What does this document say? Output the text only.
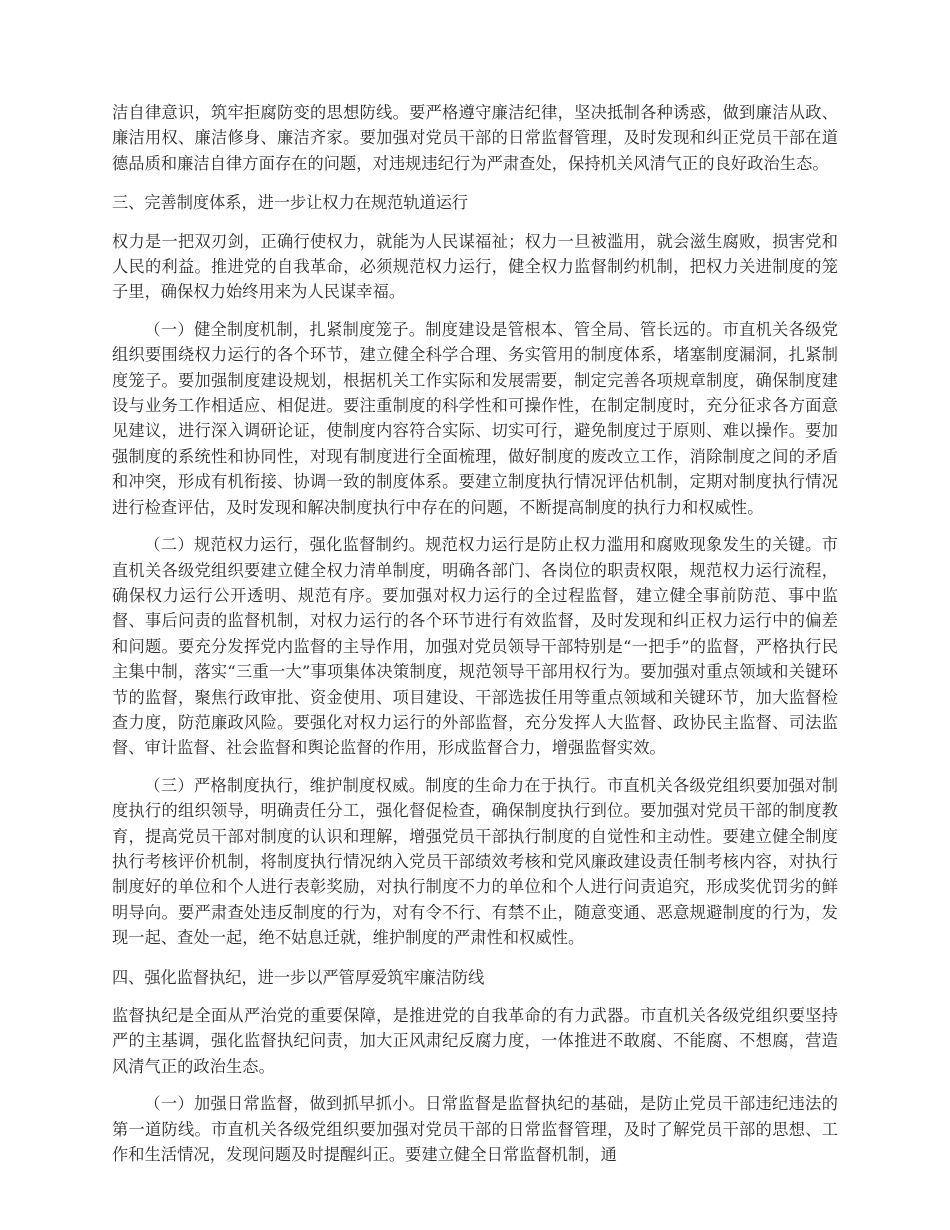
洁自律意识，筑牢拒腐防变的思想防线。要严格遵守廉洁纪律，坚决抵制各种诱惑，做到廉洁从政、廉洁用权、廉洁修身、廉洁齐家。要加强对党员干部的日常监督管理，及时发现和纠正党员干部在道德品质和廉洁自律方面存在的问题，对违规违纪行为严肃查处，保持机关风清气正的良好政治生态。

三、完善制度体系，进一步让权力在规范轨道运行

权力是一把双刃剑，正确行使权力，就能为人民谋福祉；权力一旦被滥用，就会滋生腐败，损害党和人民的利益。推进党的自我革命，必须规范权力运行，健全权力监督制约机制，把权力关进制度的笼子里，确保权力始终用来为人民谋幸福。

（一）健全制度机制，扎紧制度笼子。制度建设是管根本、管全局、管长远的。市直机关各级党组织要围绕权力运行的各个环节，建立健全科学合理、务实管用的制度体系，堵塞制度漏洞，扎紧制度笼子。要加强制度建设规划，根据机关工作实际和发展需要，制定完善各项规章制度，确保制度建设与业务工作相适应、相促进。要注重制度的科学性和可操作性，在制定制度时，充分征求各方面意见建议，进行深入调研论证，使制度内容符合实际、切实可行，避免制度过于原则、难以操作。要加强制度的系统性和协同性，对现有制度进行全面梳理，做好制度的废改立工作，消除制度之间的矛盾和冲突，形成有机衔接、协调一致的制度体系。要建立制度执行情况评估机制，定期对制度执行情况进行检查评估，及时发现和解决制度执行中存在的问题，不断提高制度的执行力和权威性。

（二）规范权力运行，强化监督制约。规范权力运行是防止权力滥用和腐败现象发生的关键。市直机关各级党组织要建立健全权力清单制度，明确各部门、各岗位的职责权限，规范权力运行流程，确保权力运行公开透明、规范有序。要加强对权力运行的全过程监督，建立健全事前防范、事中监督、事后问责的监督机制，对权力运行的各个环节进行有效监督，及时发现和纠正权力运行中的偏差和问题。要充分发挥党内监督的主导作用，加强对党员领导干部特别是“一把手”的监督，严格执行民主集中制，落实“三重一大”事项集体决策制度，规范领导干部用权行为。要加强对重点领域和关键环节的监督，聚焦行政审批、资金使用、项目建设、干部选拔任用等重点领域和关键环节，加大监督检查力度，防范廉政风险。要强化对权力运行的外部监督，充分发挥人大监督、政协民主监督、司法监督、审计监督、社会监督和舆论监督的作用，形成监督合力，增强监督实效。

（三）严格制度执行，维护制度权威。制度的生命力在于执行。市直机关各级党组织要加强对制度执行的组织领导，明确责任分工，强化督促检查，确保制度执行到位。要加强对党员干部的制度教育，提高党员干部对制度的认识和理解，增强党员干部执行制度的自觉性和主动性。要建立健全制度执行考核评价机制，将制度执行情况纳入党员干部绩效考核和党风廉政建设责任制考核内容，对执行制度好的单位和个人进行表彰奖励，对执行制度不力的单位和个人进行问责追究，形成奖优罚劣的鲜明导向。要严肃查处违反制度的行为，对有令不行、有禁不止，随意变通、恶意规避制度的行为，发现一起、查处一起，绝不姑息迁就，维护制度的严肃性和权威性。

四、强化监督执纪，进一步以严管厚爱筑牢廉洁防线

监督执纪是全面从严治党的重要保障，是推进党的自我革命的有力武器。市直机关各级党组织要坚持严的主基调，强化监督执纪问责，加大正风肃纪反腐力度，一体推进不敢腐、不能腐、不想腐，营造风清气正的政治生态。

（一）加强日常监督，做到抓早抓小。日常监督是监督执纪的基础，是防止党员干部违纪违法的第一道防线。市直机关各级党组织要加强对党员干部的日常监督管理，及时了解党员干部的思想、工作和生活情况，发现问题及时提醒纠正。要建立健全日常监督机制，通
